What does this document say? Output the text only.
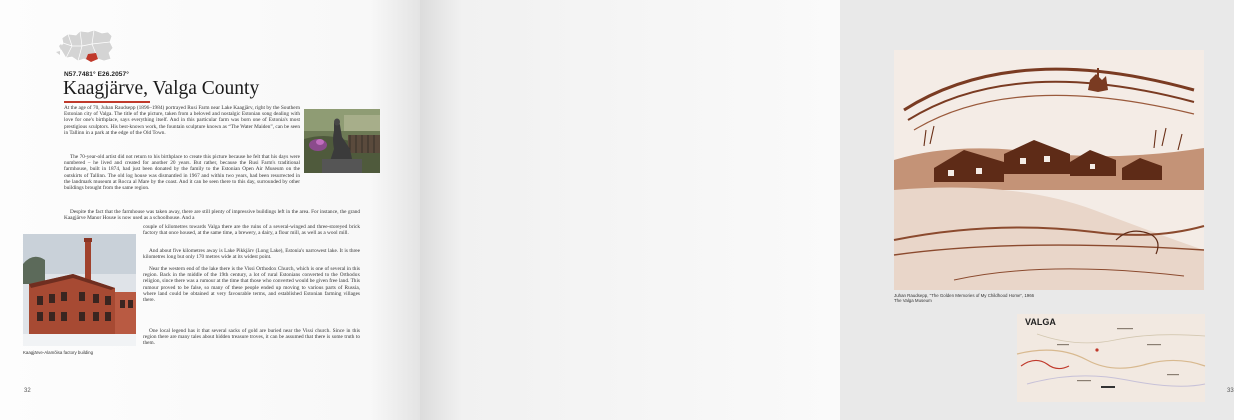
N57.7481° E26.2057°
Kaagjärve, Valga County

At the age of 70, Juhan Raudsepp (1896–1984) portrayed Rusi Farm near Lake Kaagjärv, right by the Southern Estonian city of Valga. The title of the picture, taken from a beloved and nostalgic Estonian song dealing with love for one's birthplace, says everything itself. And in this particular farm was born one of Estonia's most prestigious sculptors. His best-known work, the fountain sculpture known as “The Water Maiden”, can be seen in Tallinn in a park at the edge of the Old Town.

The 70-year-old artist did not return to his birthplace to create this picture because he felt that his days were numbered – he lived and created for another 20 years. But rather, because the Rusi Farm's traditional farmhouse, built in 1874, had just been donated by the family to the Estonian Open Air Museum on the outskirts of Tallinn. The old log house was dismantled in 1967 and within two years, had been resurrected in the landmark museum at Rocca al Mare by the coast. And it can be seen there to this day, surrounded by other buildings brought from the same region.

Despite the fact that the farmhouse was taken away, there are still plenty of impressive buildings left in the area. For instance, the grand Kaagjärve Manor House is now used as a schoolhouse. And a

couple of kilometres towards Valga there are the ruins of a several-winged and three-storeyed brick factory that once housed, at the same time, a brewery, a dairy, a flour mill, as well as a wool mill.

And about five kilometres away is Lake Pikkjärv (Long Lake), Estonia's narrowest lake. It is three kilometres long but only 170 metres wide at its widest point.

Near the western end of the lake there is the Vissi Orthodox Church, which is one of several in this region. Back in the middle of the 19th century, a lot of rural Estonians converted to the Orthodox religion, since there was a rumour at the time that those who converted would be given free land. This rumour proved to be false, so many of these people ended up moving to various parts of Russia, where land could be obtained at very favourable terms, and established Estonian farming villages there.

One local legend has it that several sacks of gold are buried near the Vissi church. Since in this region there are many tales about hidden treasure troves, it can be assumed that there is some truth to them.

Kaagjärve-Alamõisa factory building
32
Juhan Raudsepp, “The Golden Memories of My Childhood Home”, 1966
The Valga Museum
VALGA
33
